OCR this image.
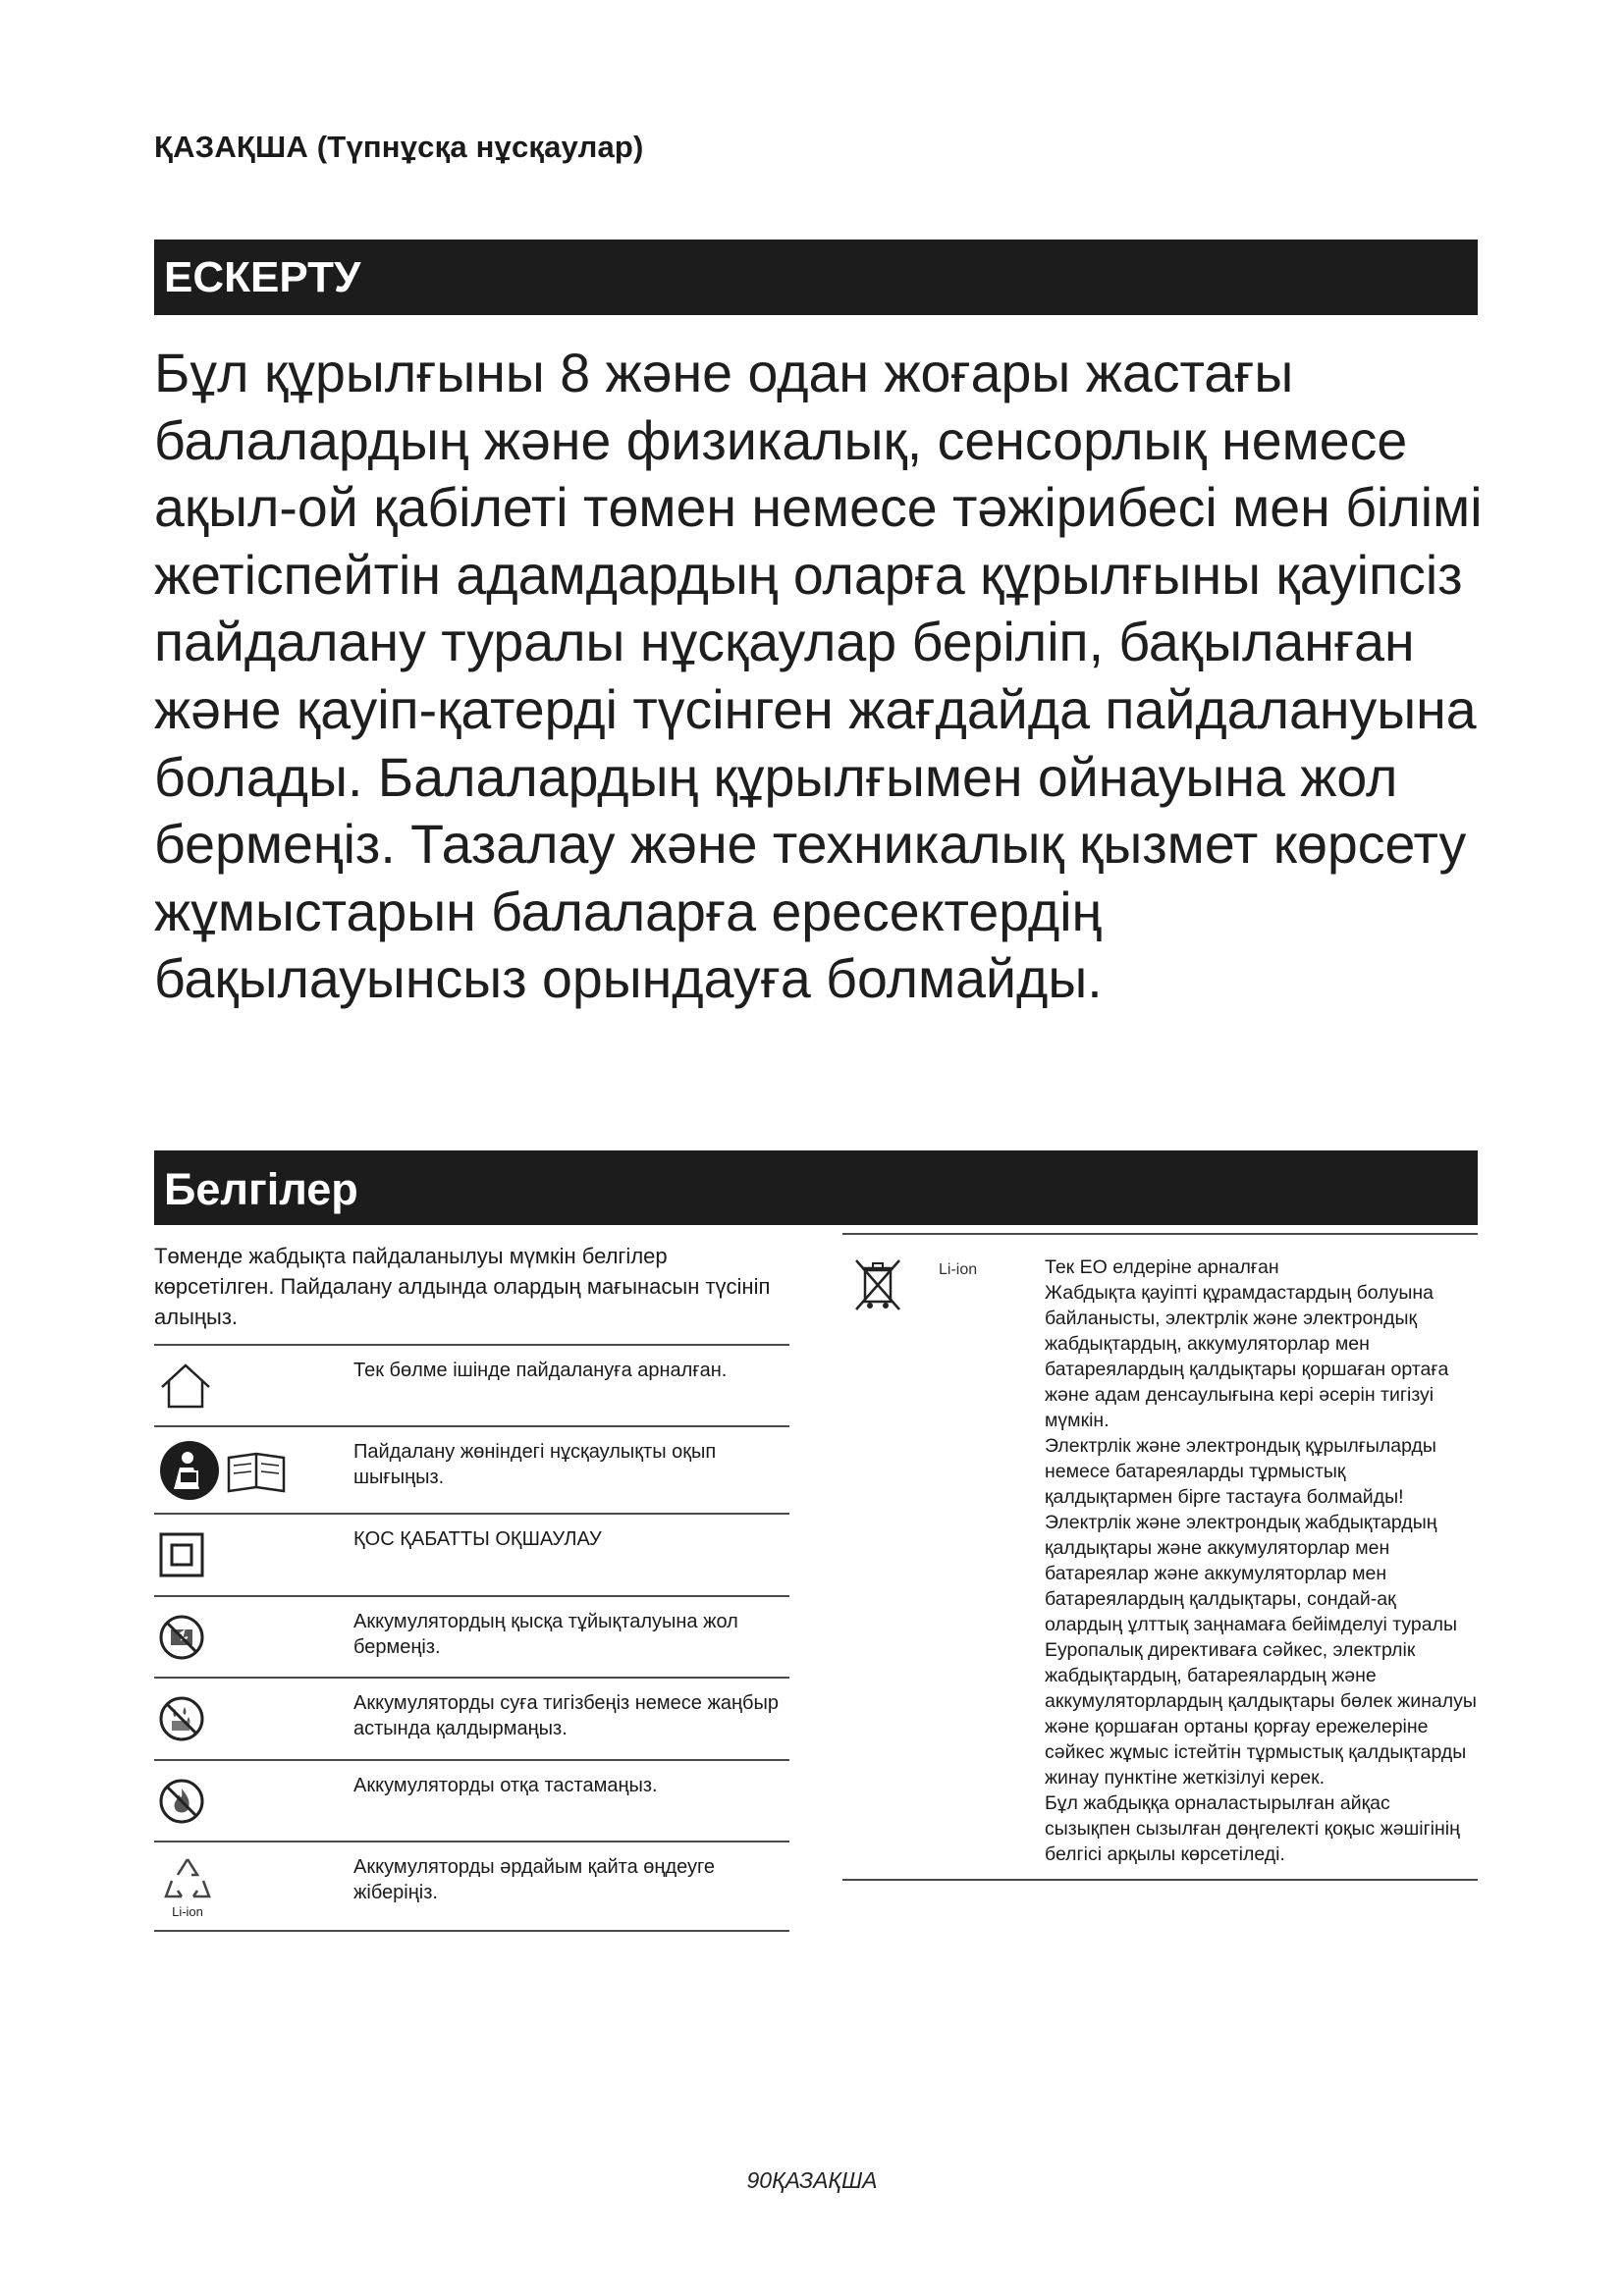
ҚАЗАҚША (Түпнұсқа нұсқаулар)
ЕСКЕРТУ
Бұл құрылғыны 8 және одан жоғары жастағы балалардың және физикалық, сенсорлық немесе ақыл-ой қабілеті төмен немесе тәжірибесі мен білімі жетіспейтін адамдардың оларға құрылғыны қауіпсіз пайдалану туралы нұсқаулар беріліп, бақыланған және қауіп-қатерді түсінген жағдайда пайдалануына болады. Балалардың құрылғымен ойнауына жол бермеңіз. Тазалау және техникалық қызмет көрсету жұмыстарын балаларға ересектердің бақылауынсыз орындауға болмайды.
Белгілер
Төменде жабдықта пайдаланылуы мүмкін белгілер көрсетілген. Пайдалану алдында олардың мағынасын түсініп алыңыз.
Тек бөлме ішінде пайдалануға арналған.
Пайдалану жөніндегі нұсқаулықты оқып шығыңыз.
ҚОС ҚАБАТТЫ ОҚШАУЛАУ
Аккумулятордың қысқа тұйықталуына жол бермеңіз.
Аккумуляторды суға тигізбеңіз немесе жаңбыр астында қалдырмаңыз.
Аккумуляторды отқа тастамаңыз.
Li-ion
Аккумуляторды әрдайым қайта өңдеуге жіберіңіз.
Li-ion	Тек ЕО елдеріне арналған
Жабдықта қауіпті құрамдастардың болуына байланысты, электрлік және электрондық жабдықтардың, аккумуляторлар мен батареялардың қалдықтары қоршаған ортаға және адам денсаулығына кері әсерін тигізуі мүмкін.
Электрлік және электрондық құрылғыларды немесе батареяларды тұрмыстық қалдықтармен бірге тастауға болмайды!
Электрлік және электрондық жабдықтардың қалдықтары және аккумуляторлар мен батареялар және аккумуляторлар мен батареялардың қалдықтары, сондай-ақ олардың ұлттық заңнамаға бейімделуі туралы Еуропалық директиваға сәйкес, электрлік жабдықтардың, батареялардың және аккумуляторлардың қалдықтары бөлек жиналуы және қоршаған ортаны қорғау ережелеріне сәйкес жұмыс істейтін тұрмыстық қалдықтарды жинау пунктіне жеткізілуі керек.
Бұл жабдыққа орналастырылған айқас сызықпен сызылған дөңгелекті қоқыс жәшігінің белгісі арқылы көрсетіледі.
90ҚАЗАҚША
